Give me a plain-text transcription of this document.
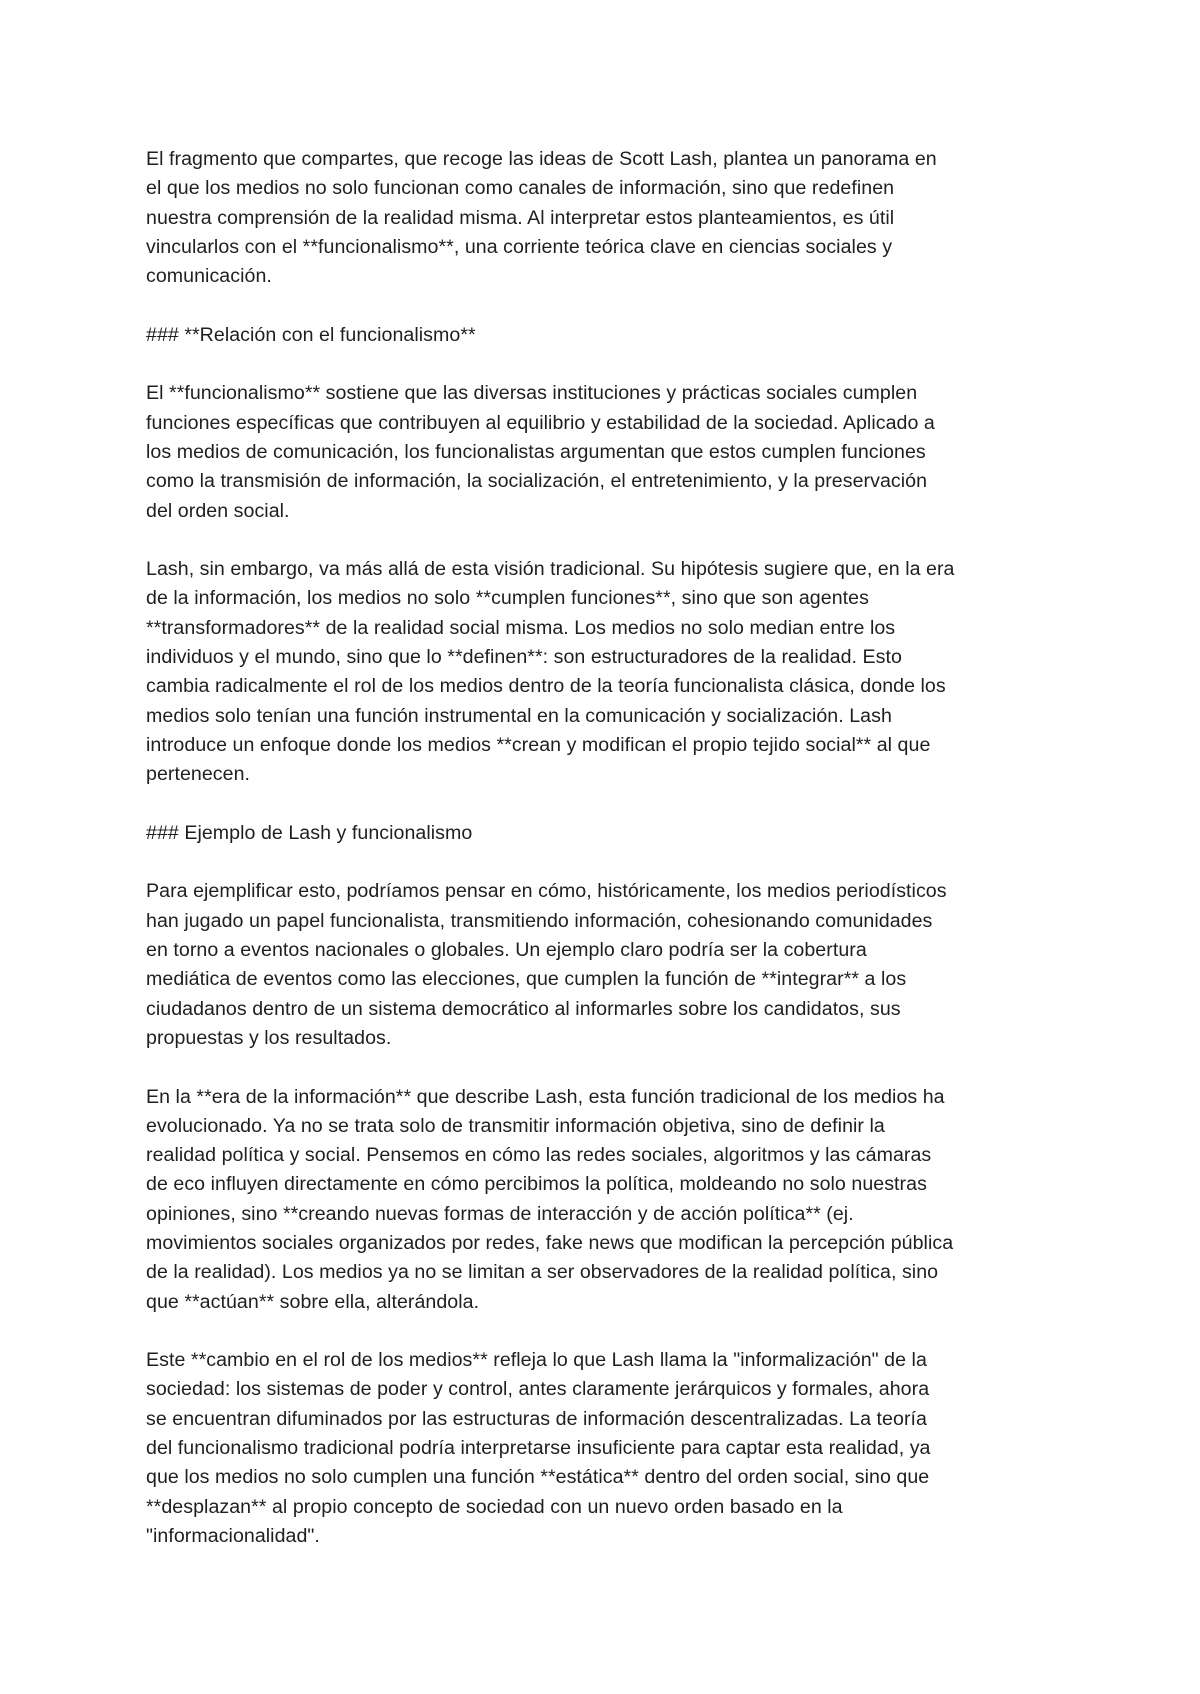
El fragmento que compartes, que recoge las ideas de Scott Lash, plantea un panorama en
el que los medios no solo funcionan como canales de información, sino que redefinen
nuestra comprensión de la realidad misma. Al interpretar estos planteamientos, es útil
vincularlos con el **funcionalismo**, una corriente teórica clave en ciencias sociales y
comunicación.

### **Relación con el funcionalismo**

El **funcionalismo** sostiene que las diversas instituciones y prácticas sociales cumplen
funciones específicas que contribuyen al equilibrio y estabilidad de la sociedad. Aplicado a
los medios de comunicación, los funcionalistas argumentan que estos cumplen funciones
como la transmisión de información, la socialización, el entretenimiento, y la preservación
del orden social.

Lash, sin embargo, va más allá de esta visión tradicional. Su hipótesis sugiere que, en la era
de la información, los medios no solo **cumplen funciones**, sino que son agentes
**transformadores** de la realidad social misma. Los medios no solo median entre los
individuos y el mundo, sino que lo **definen**: son estructuradores de la realidad. Esto
cambia radicalmente el rol de los medios dentro de la teoría funcionalista clásica, donde los
medios solo tenían una función instrumental en la comunicación y socialización. Lash
introduce un enfoque donde los medios **crean y modifican el propio tejido social** al que
pertenecen.

### Ejemplo de Lash y funcionalismo

Para ejemplificar esto, podríamos pensar en cómo, históricamente, los medios periodísticos
han jugado un papel funcionalista, transmitiendo información, cohesionando comunidades
en torno a eventos nacionales o globales. Un ejemplo claro podría ser la cobertura
mediática de eventos como las elecciones, que cumplen la función de **integrar** a los
ciudadanos dentro de un sistema democrático al informarles sobre los candidatos, sus
propuestas y los resultados.

En la **era de la información** que describe Lash, esta función tradicional de los medios ha
evolucionado. Ya no se trata solo de transmitir información objetiva, sino de definir la
realidad política y social. Pensemos en cómo las redes sociales, algoritmos y las cámaras
de eco influyen directamente en cómo percibimos la política, moldeando no solo nuestras
opiniones, sino **creando nuevas formas de interacción y de acción política** (ej.
movimientos sociales organizados por redes, fake news que modifican la percepción pública
de la realidad). Los medios ya no se limitan a ser observadores de la realidad política, sino
que **actúan** sobre ella, alterándola.

Este **cambio en el rol de los medios** refleja lo que Lash llama la "informalización" de la
sociedad: los sistemas de poder y control, antes claramente jerárquicos y formales, ahora
se encuentran difuminados por las estructuras de información descentralizadas. La teoría
del funcionalismo tradicional podría interpretarse insuficiente para captar esta realidad, ya
que los medios no solo cumplen una función **estática** dentro del orden social, sino que
**desplazan** al propio concepto de sociedad con un nuevo orden basado en la
"informacionalidad".
